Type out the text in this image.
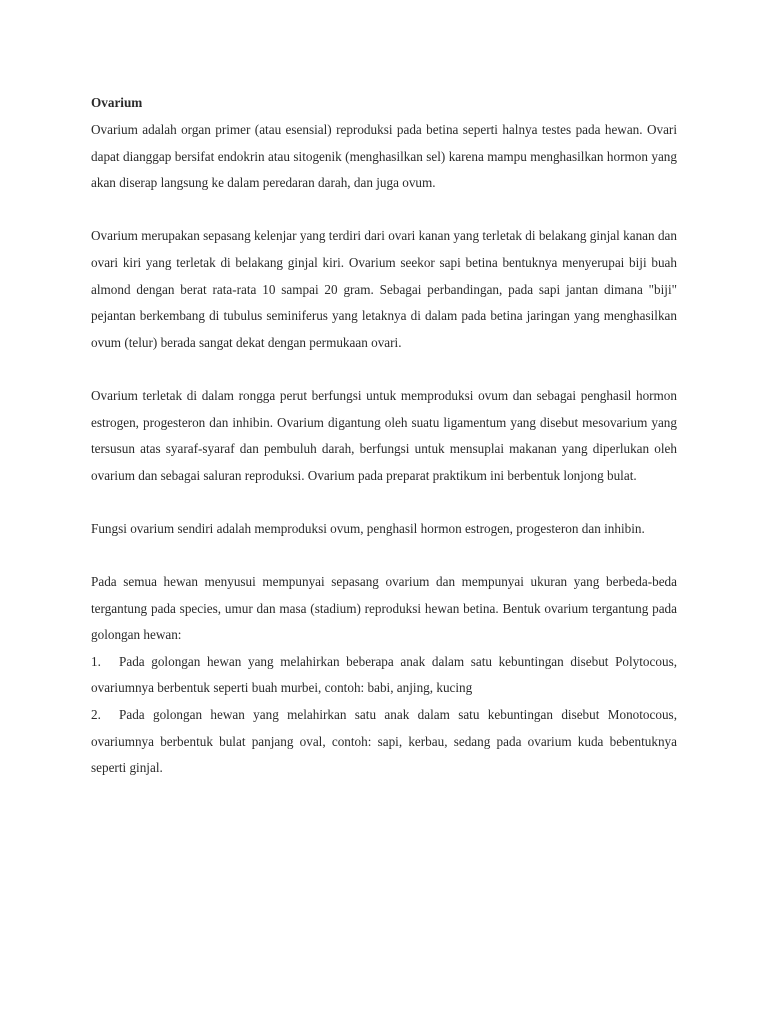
Ovarium

Ovarium adalah organ primer (atau esensial) reproduksi pada betina seperti halnya testes pada hewan. Ovari dapat dianggap bersifat endokrin atau sitogenik (menghasilkan sel) karena mampu menghasilkan hormon yang akan diserap langsung ke dalam peredaran darah, dan juga ovum.

Ovarium merupakan sepasang kelenjar yang terdiri dari ovari kanan yang terletak di belakang ginjal kanan dan ovari kiri yang terletak di belakang ginjal kiri. Ovarium seekor sapi betina bentuknya menyerupai biji buah almond dengan berat rata-rata 10 sampai 20 gram. Sebagai perbandingan, pada sapi jantan dimana "biji" pejantan berkembang di tubulus seminiferus yang letaknya di dalam pada betina jaringan yang menghasilkan ovum (telur) berada sangat dekat dengan permukaan ovari.

Ovarium terletak di dalam rongga perut berfungsi untuk memproduksi ovum dan sebagai penghasil hormon estrogen, progesteron dan inhibin. Ovarium digantung oleh suatu ligamentum yang disebut mesovarium yang tersusun atas syaraf-syaraf dan pembuluh darah, berfungsi untuk mensuplai makanan yang diperlukan oleh ovarium dan sebagai saluran reproduksi. Ovarium pada preparat praktikum ini berbentuk lonjong bulat.

Fungsi ovarium sendiri adalah memproduksi ovum, penghasil hormon estrogen, progesteron dan inhibin.

Pada semua hewan menyusui mempunyai sepasang ovarium dan mempunyai ukuran yang berbeda-beda tergantung pada species, umur dan masa (stadium) reproduksi hewan betina. Bentuk ovarium tergantung pada golongan hewan:

1. Pada golongan hewan yang melahirkan beberapa anak dalam satu kebuntingan disebut Polytocous, ovariumnya berbentuk seperti buah murbei, contoh: babi, anjing, kucing

2. Pada golongan hewan yang melahirkan satu anak dalam satu kebuntingan disebut Monotocous, ovariumnya berbentuk bulat panjang oval, contoh: sapi, kerbau, sedang pada ovarium kuda bebentuknya seperti ginjal.
